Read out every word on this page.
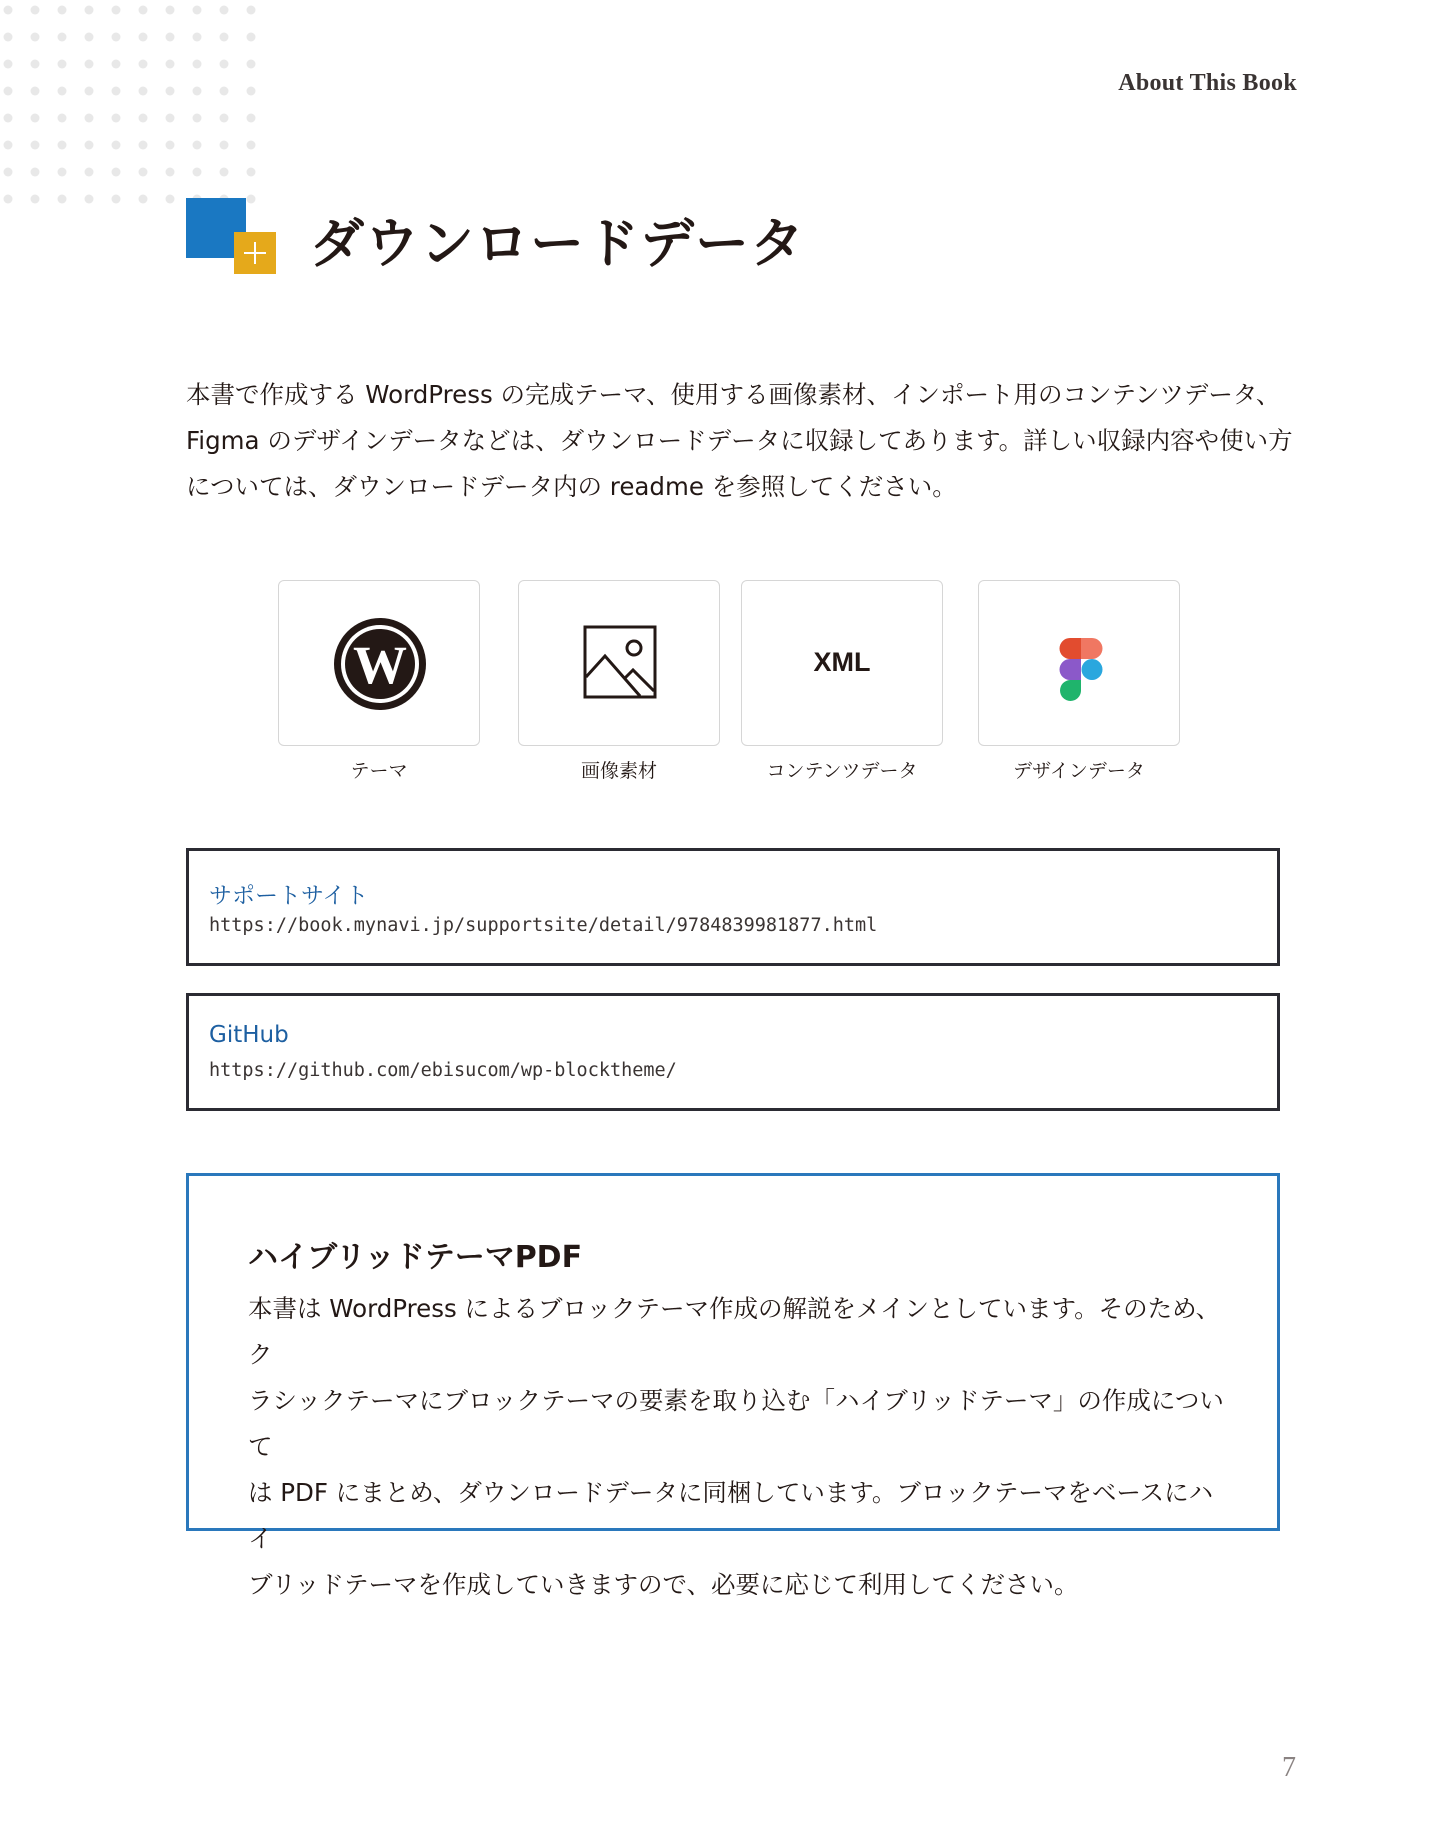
About This Book
ダウンロードデータ

本書で作成する WordPress の完成テーマ、使用する画像素材、インポート用のコンテンツデータ、
Figma のデザインデータなどは、ダウンロードデータに収録してあります。詳しい収録内容や使い方
については、ダウンロードデータ内の readme を参照してください。

W
テーマ	画像素材
XML
コンテンツデータ	デザインデータ
サポートサイト
https://book.mynavi.jp/supportsite/detail/9784839981877.html
GitHub
https://github.com/ebisucom/wp-blocktheme/
ハイブリッドテーマPDF

本書は WordPress によるブロックテーマ作成の解説をメインとしています。そのため、ク
ラシックテーマにブロックテーマの要素を取り込む「ハイブリッドテーマ」の作成について
は PDF にまとめ、ダウンロードデータに同梱しています。ブロックテーマをベースにハイ
ブリッドテーマを作成していきますので、必要に応じて利用してください。

7
